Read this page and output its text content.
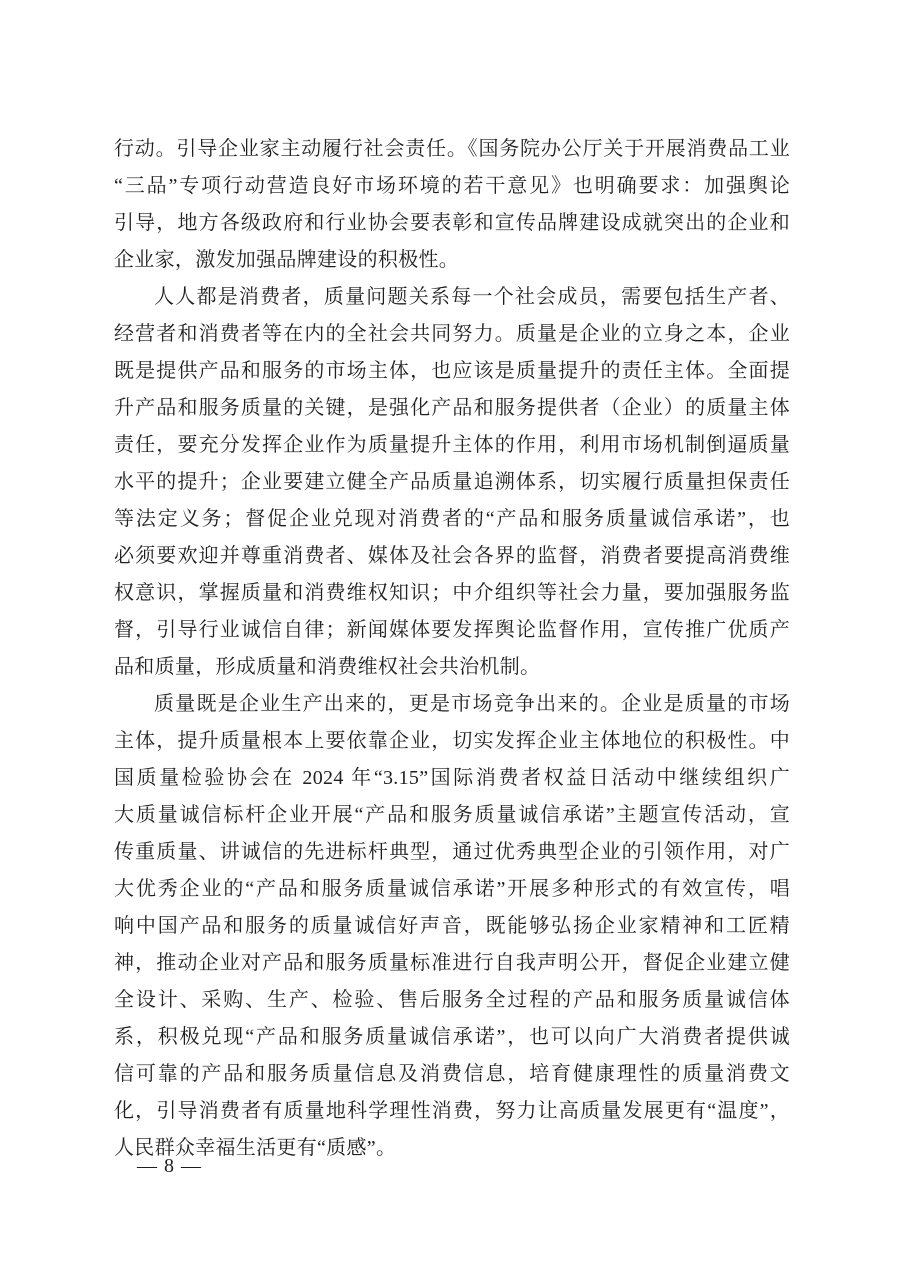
行动。引导企业家主动履行社会责任。《国务院办公厅关于开展消费品工业
“三品”专项行动营造良好市场环境的若干意见》也明确要求：加强舆论
引导，地方各级政府和行业协会要表彰和宣传品牌建设成就突出的企业和
企业家，激发加强品牌建设的积极性。
人人都是消费者，质量问题关系每一个社会成员，需要包括生产者、
经营者和消费者等在内的全社会共同努力。质量是企业的立身之本，企业
既是提供产品和服务的市场主体，也应该是质量提升的责任主体。全面提
升产品和服务质量的关键，是强化产品和服务提供者（企业）的质量主体
责任，要充分发挥企业作为质量提升主体的作用，利用市场机制倒逼质量
水平的提升；企业要建立健全产品质量追溯体系，切实履行质量担保责任
等法定义务；督促企业兑现对消费者的“产品和服务质量诚信承诺”，也
必须要欢迎并尊重消费者、媒体及社会各界的监督，消费者要提高消费维
权意识，掌握质量和消费维权知识；中介组织等社会力量，要加强服务监
督，引导行业诚信自律；新闻媒体要发挥舆论监督作用，宣传推广优质产
品和质量，形成质量和消费维权社会共治机制。
质量既是企业生产出来的，更是市场竞争出来的。企业是质量的市场
主体，提升质量根本上要依靠企业，切实发挥企业主体地位的积极性。中
国质量检验协会在 2024 年“3.15”国际消费者权益日活动中继续组织广
大质量诚信标杆企业开展“产品和服务质量诚信承诺”主题宣传活动，宣
传重质量、讲诚信的先进标杆典型，通过优秀典型企业的引领作用，对广
大优秀企业的“产品和服务质量诚信承诺”开展多种形式的有效宣传，唱
响中国产品和服务的质量诚信好声音，既能够弘扬企业家精神和工匠精
神，推动企业对产品和服务质量标准进行自我声明公开，督促企业建立健
全设计、采购、生产、检验、售后服务全过程的产品和服务质量诚信体
系，积极兑现“产品和服务质量诚信承诺”，也可以向广大消费者提供诚
信可靠的产品和服务质量信息及消费信息，培育健康理性的质量消费文
化，引导消费者有质量地科学理性消费，努力让高质量发展更有“温度”，
人民群众幸福生活更有“质感”。
— 8 —
